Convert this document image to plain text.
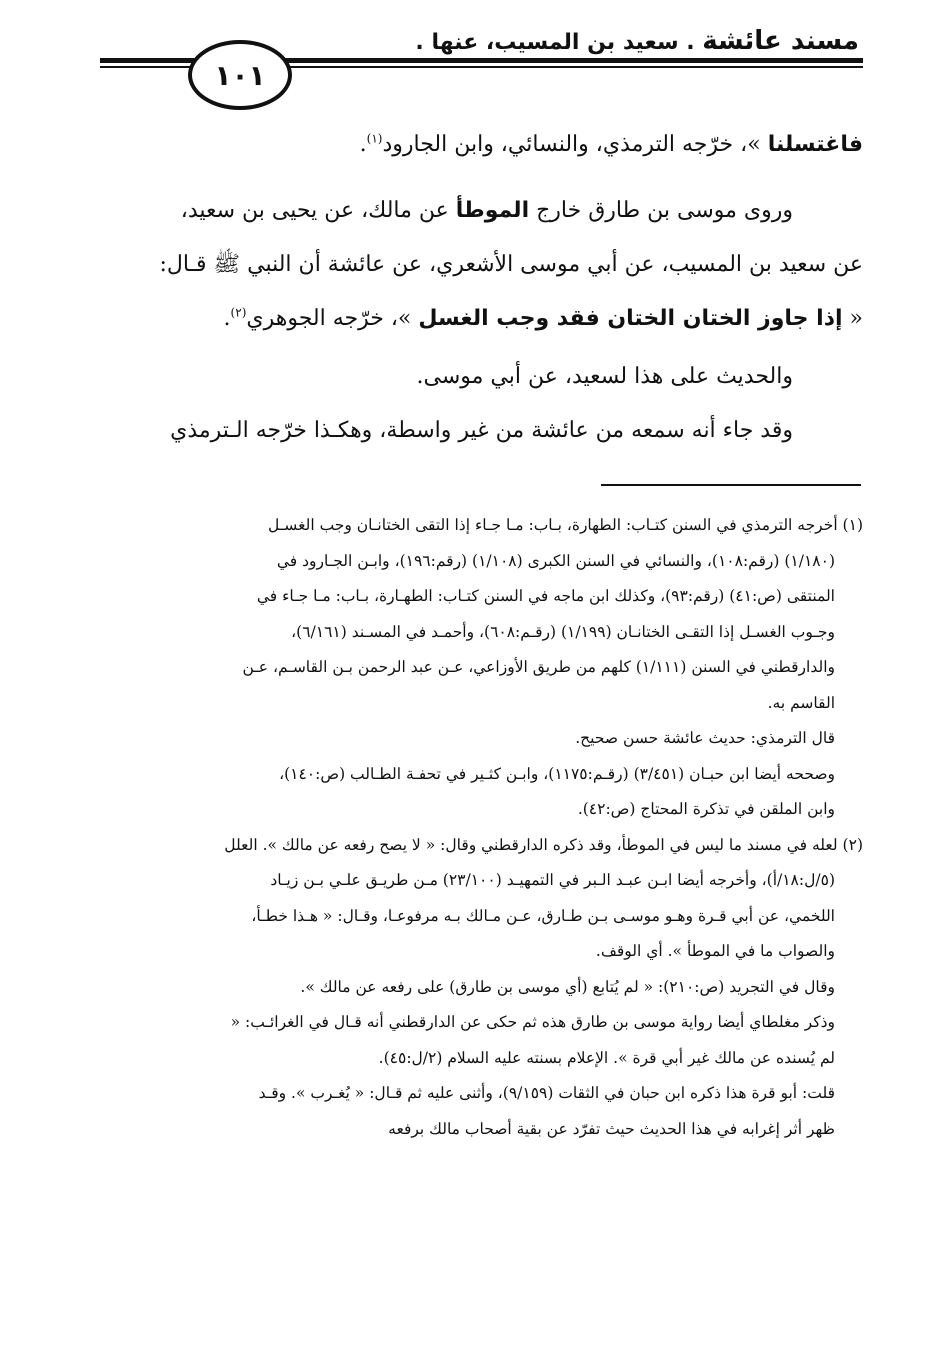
مسند عائشة . سعيد بن المسيب، عنها .
١٠١

فاغتسلنا »، خرّجه الترمذي، والنسائي، وابن الجارود$^{(١)}$.

وروى موسى بن طارق خارج الموطأ عن مالك، عن يحيى بن سعيد،
عن سعيد بن المسيب، عن أبي موسى الأشعري، عن عائشة أن النبي ﷺ قـال:
« إذا جاوز الختان الختان فقد وجب الغسل »، خرّجه الجوهري$^{(٢)}$.

والحديث على هذا لسعيد، عن أبي موسى.

وقد جاء أنه سمعه من عائشة من غير واسطة، وهكـذا خرّجه الـترمذي

(١) أخرجه الترمذي في السنن كتـاب: الطهارة، بـاب: مـا جـاء إذا التقى الختانـان وجب الغسـل
(١/١٨٠) (رقم:١٠٨)، والنسائي في السنن الكبرى (١/١٠٨) (رقم:١٩٦)، وابـن الجـارود في
المنتقى (ص:٤١) (رقم:٩٣)، وكذلك ابن ماجه في السنن كتـاب: الطهـارة، بـاب: مـا جـاء في
وجـوب الغسـل إذا التقـى الختانـان (١/١٩٩) (رقـم:٦٠٨)، وأحمـد في المسـند (٦/١٦١)،
والدارقطني في السنن (١/١١١) كلهم من طريق الأوزاعي، عـن عبد الرحمن بـن القاسـم، عـن
القاسم به.
قال الترمذي: حديث عائشة حسن صحيح.
وصححه أيضا ابن حبـان (٣/٤٥١) (رقـم:١١٧٥)، وابـن كثـير في تحفـة الطـالب (ص:١٤٠)،
وابن الملقن في تذكرة المحتاج (ص:٤٢).

(٢) لعله في مسند ما ليس في الموطأ، وقد ذكره الدارقطني وقال: « لا يصح رفعه عن مالك ». العلل
(٥/ل:١٨/أ)، وأخرجه أيضا ابـن عبـد الـبر في التمهيـد (٢٣/١٠٠) مـن طريـق علـي بـن زيـاد
اللخمي، عن أبي قـرة وهـو موسـى بـن طـارق، عـن مـالك بـه مرفوعـا، وقـال: « هـذا خطـأ،
والصواب ما في الموطأ ». أي الوقف.
وقال في التجريد (ص:٢١٠): « لم يُتابع (أي موسى بن طارق) على رفعه عن مالك ».
وذكر مغلطاي أيضا رواية موسى بن طارق هذه ثم حكى عن الدارقطني أنه قـال في الغرائـب: «
لم يُسنده عن مالك غير أبي قرة ». الإعلام بسنته عليه السلام (٢/ل:٤٥).
قلت: أبو قرة هذا ذكره ابن حبان في الثقات (٩/١٥٩)، وأثنى عليه ثم قـال: « يُغـرب ». وقـد
ظهر أثر إغرابه في هذا الحديث حيث تفرّد عن بقية أصحاب مالك برفعه
